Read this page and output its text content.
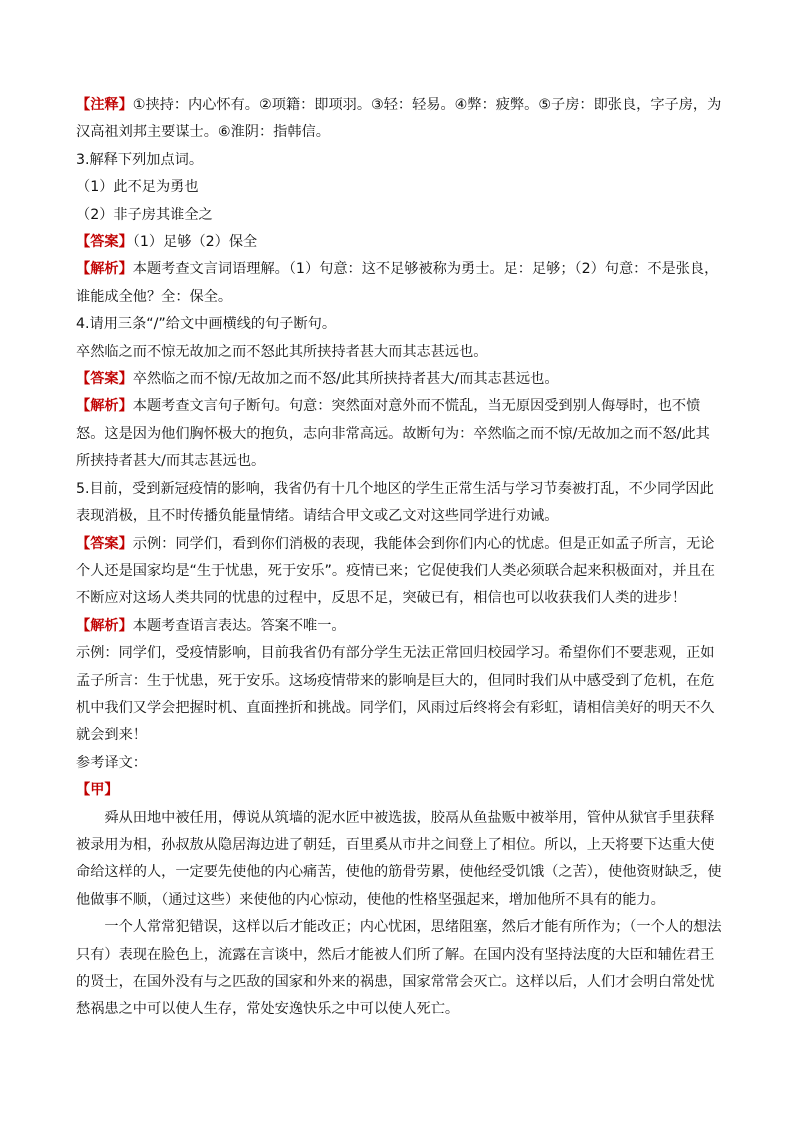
【注释】①挟持：内心怀有。②项籍：即项羽。③轻：轻易。④弊：疲弊。⑤子房：即张良，字子房，为汉高祖刘邦主要谋士。⑥淮阴：指韩信。

3.解释下列加点词。

（1）此不足为勇也

（2）非子房其谁全之

【答案】（1）足够（2）保全

【解析】本题考查文言词语理解。（1）句意：这不足够被称为勇士。足：足够；（2）句意：不是张良，谁能成全他？全：保全。

4.请用三条“/”给文中画横线的句子断句。

卒然临之而不惊无故加之而不怒此其所挟持者甚大而其志甚远也。

【答案】卒然临之而不惊/无故加之而不怒/此其所挟持者甚大/而其志甚远也。

【解析】本题考查文言句子断句。句意：突然面对意外而不慌乱，当无原因受到别人侮辱时，也不愤怒。这是因为他们胸怀极大的抱负，志向非常高远。故断句为：卒然临之而不惊/无故加之而不怒/此其所挟持者甚大/而其志甚远也。

5.目前，受到新冠疫情的影响，我省仍有十几个地区的学生正常生活与学习节奏被打乱，不少同学因此表现消极，且不时传播负能量情绪。请结合甲文或乙文对这些同学进行劝诫。

【答案】示例：同学们，看到你们消极的表现，我能体会到你们内心的忧虑。但是正如孟子所言，无论个人还是国家均是“生于忧患，死于安乐”。疫情已来；它促使我们人类必须联合起来积极面对，并且在不断应对这场人类共同的忧患的过程中，反思不足，突破已有，相信也可以收获我们人类的进步！

【解析】本题考查语言表达。答案不唯一。

示例：同学们，受疫情影响，目前我省仍有部分学生无法正常回归校园学习。希望你们不要悲观，正如孟子所言：生于忧患，死于安乐。这场疫情带来的影响是巨大的，但同时我们从中感受到了危机，在危机中我们又学会把握时机、直面挫折和挑战。同学们，风雨过后终将会有彩虹，请相信美好的明天不久就会到来！

参考译文：

【甲】

舜从田地中被任用，傅说从筑墙的泥水匠中被选拔，胶鬲从鱼盐贩中被举用，管仲从狱官手里获释被录用为相，孙叔敖从隐居海边进了朝廷，百里奚从市井之间登上了相位。所以，上天将要下达重大使命给这样的人，一定要先使他的内心痛苦，使他的筋骨劳累，使他经受饥饿（之苦），使他资财缺乏，使他做事不顺，（通过这些）来使他的内心惊动，使他的性格坚强起来，增加他所不具有的能力。

一个人常常犯错误，这样以后才能改正；内心忧困，思绪阻塞，然后才能有所作为；（一个人的想法只有）表现在脸色上，流露在言谈中，然后才能被人们所了解。在国内没有坚持法度的大臣和辅佐君王的贤士，在国外没有与之匹敌的国家和外来的祸患，国家常常会灭亡。这样以后，人们才会明白常处忧愁祸患之中可以使人生存，常处安逸快乐之中可以使人死亡。
